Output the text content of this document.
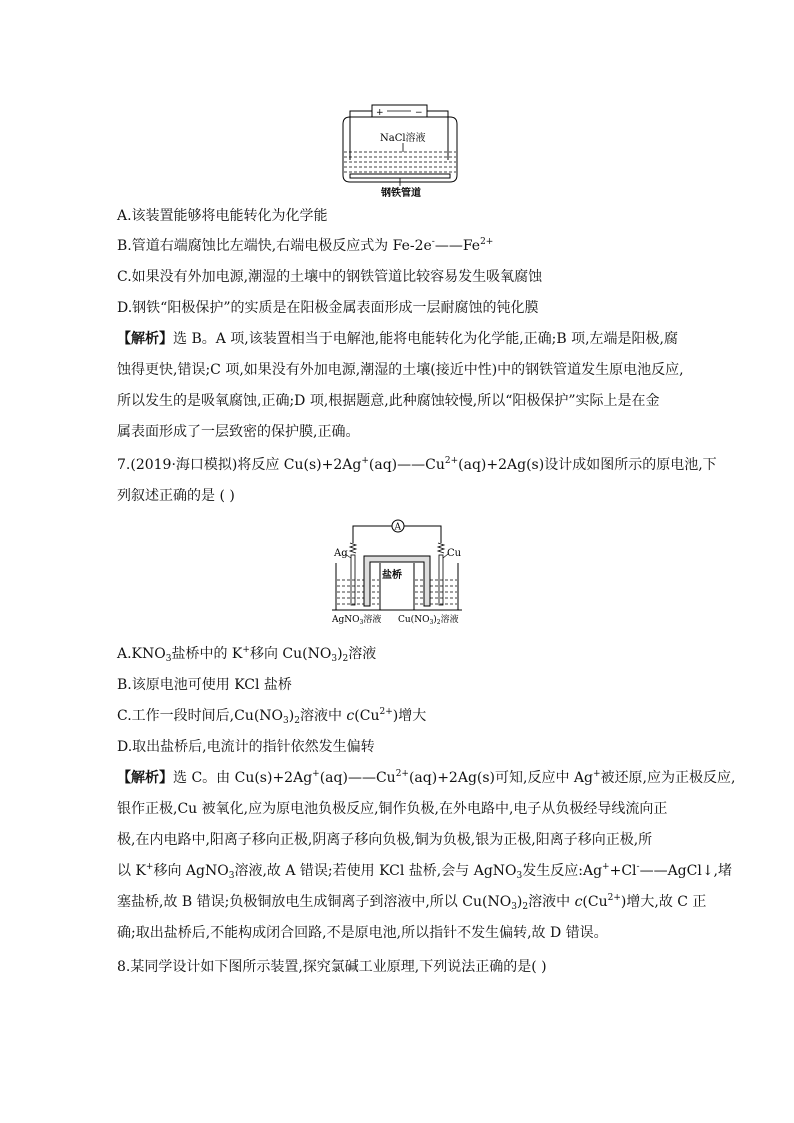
+	−
NaCl溶液
钢铁管道
A.该装置能够将电能转化为化学能
B.管道右端腐蚀比左端快,右端电极反应式为 $Fe-2e^-——Fe^{2+}$
C.如果没有外加电源,潮湿的土壤中的钢铁管道比较容易发生吸氧腐蚀
D.钢铁“阳极保护”的实质是在阳极金属表面形成一层耐腐蚀的钝化膜
【解析】选 B。A 项,该装置相当于电解池,能将电能转化为化学能,正确;B 项,左端是阳极,腐
蚀得更快,错误;C 项,如果没有外加电源,潮湿的土壤(接近中性)中的钢铁管道发生原电池反应,
所以发生的是吸氧腐蚀,正确;D 项,根据题意,此种腐蚀较慢,所以“阳极保护”实际上是在金
属表面形成了一层致密的保护膜,正确。
7.(2019·海口模拟)将反应 $Cu(s)+2Ag^+(aq)——Cu^{2+}(aq)+2Ag(s)$设计成如图所示的原电池,下
列叙述正确的是 ( )
A
Ag	Cu
盐桥
AgNO$_3$溶液 $Cu(NO_3)_2$溶液
$A.KNO_3$盐桥中的 K+移向 $Cu(NO_3)_2$溶液
B.该原电池可使用 KCl 盐桥
C.工作一段时间后$,Cu(NO_3)_2$溶液中 $c(Cu^{2+})$增大
D.取出盐桥后,电流计的指针依然发生偏转
【解析】选 C。由 $Cu(s)+2Ag^+(aq)——Cu^{2+}(aq)+2Ag(s)$可知,反应中 Ag+被还原,应为正极反应,
银作正极,Cu 被氧化,应为原电池负极反应,铜作负极,在外电路中,电子从负极经导线流向正
极,在内电路中,阳离子移向正极,阴离子移向负极,铜为负极,银为正极,阳离子移向正极,所
以 K+移向 AgNO$_3$溶液,故 A 错误;若使用 KCl 盐桥,会与 AgNO$_3$发生反应:Ag++Cl-——AgCl↓,堵
塞盐桥,故 B 错误;负极铜放电生成铜离子到溶液中,所以 $Cu(NO_3)_2$溶液中 $c(Cu^{2+})$增大,故 C 正
确;取出盐桥后,不能构成闭合回路,不是原电池,所以指针不发生偏转,故 D 错误。
8.某同学设计如下图所示装置,探究氯碱工业原理,下列说法正确的是( )
